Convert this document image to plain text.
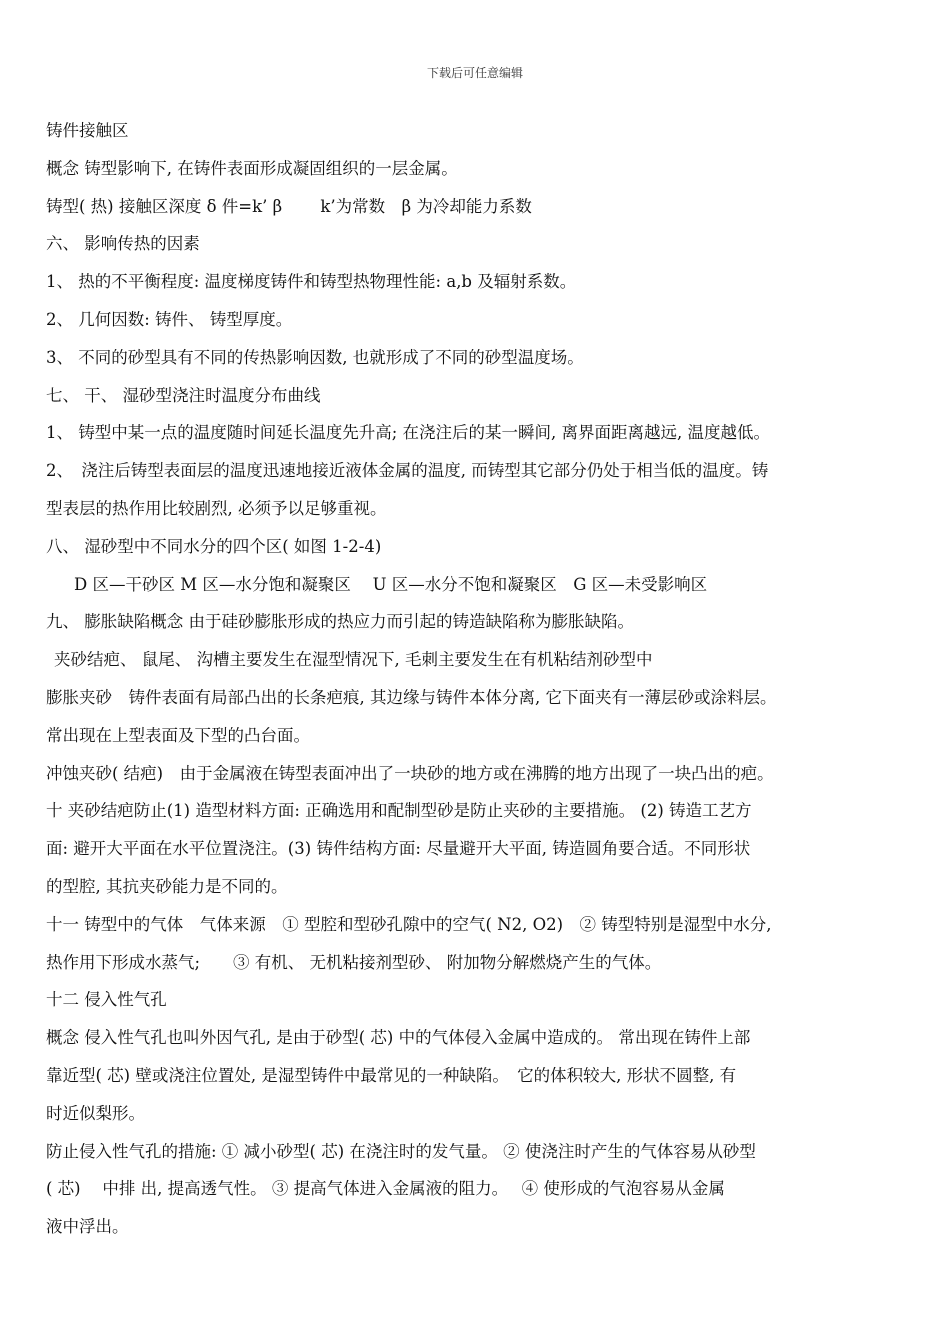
下载后可任意编辑
铸件接触区
概念 铸型影响下, 在铸件表面形成凝固组织的一层金属。
铸型( 热) 接触区深度 δ 件=k’ β　　 k’为常数　β 为冷却能力系数
六、 影响传热的因素
1、 热的不平衡程度: 温度梯度铸件和铸型热物理性能: a,b 及辐射系数。
2、 几何因数: 铸件、 铸型厚度。
3、 不同的砂型具有不同的传热影响因数, 也就形成了不同的砂型温度场。
七、 干、 湿砂型浇注时温度分布曲线
1、 铸型中某一点的温度随时间延长温度先升高; 在浇注后的某一瞬间, 离界面距离越远, 温度越低。
2、　浇注后铸型表面层的温度迅速地接近液体金属的温度, 而铸型其它部分仍处于相当低的温度。铸
型表层的热作用比较剧烈, 必须予以足够重视。
八、 湿砂型中不同水分的四个区( 如图 1-2-4)
D 区—干砂区 M 区—水分饱和凝聚区　 U 区—水分不饱和凝聚区　G 区—未受影响区
九、 膨胀缺陷概念 由于硅砂膨胀形成的热应力而引起的铸造缺陷称为膨胀缺陷。
夹砂结疤、 鼠尾、 沟槽主要发生在湿型情况下, 毛刺主要发生在有机粘结剂砂型中
膨胀夹砂　铸件表面有局部凸出的长条疤痕, 其边缘与铸件本体分离, 它下面夹有一薄层砂或涂料层。
常出现在上型表面及下型的凸台面。
冲蚀夹砂( 结疤)　由于金属液在铸型表面冲出了一块砂的地方或在沸腾的地方出现了一块凸出的疤。
十 夹砂结疤防止(1) 造型材料方面: 正确选用和配制型砂是防止夹砂的主要措施。 (2) 铸造工艺方
面: 避开大平面在水平位置浇注。(3) 铸件结构方面: 尽量避开大平面, 铸造圆角要合适。不同形状
的型腔, 其抗夹砂能力是不同的。
十一 铸型中的气体　气体来源　① 型腔和型砂孔隙中的空气( N2, O2)　② 铸型特别是湿型中水分,
热作用下形成水蒸气;　　③ 有机、 无机粘接剂型砂、 附加物分解燃烧产生的气体。
十二 侵入性气孔
概念 侵入性气孔也叫外因气孔, 是由于砂型( 芯) 中的气体侵入金属中造成的。 常出现在铸件上部
靠近型( 芯) 壁或浇注位置处, 是湿型铸件中最常见的一种缺陷。　它的体积较大, 形状不圆整, 有
时近似梨形。
防止侵入性气孔的措施: ① 减小砂型( 芯) 在浇注时的发气量。 ② 使浇注时产生的气体容易从砂型
( 芯)　 中排 出, 提高透气性。 ③ 提高气体进入金属液的阻力。　 ④ 使形成的气泡容易从金属
液中浮出。
